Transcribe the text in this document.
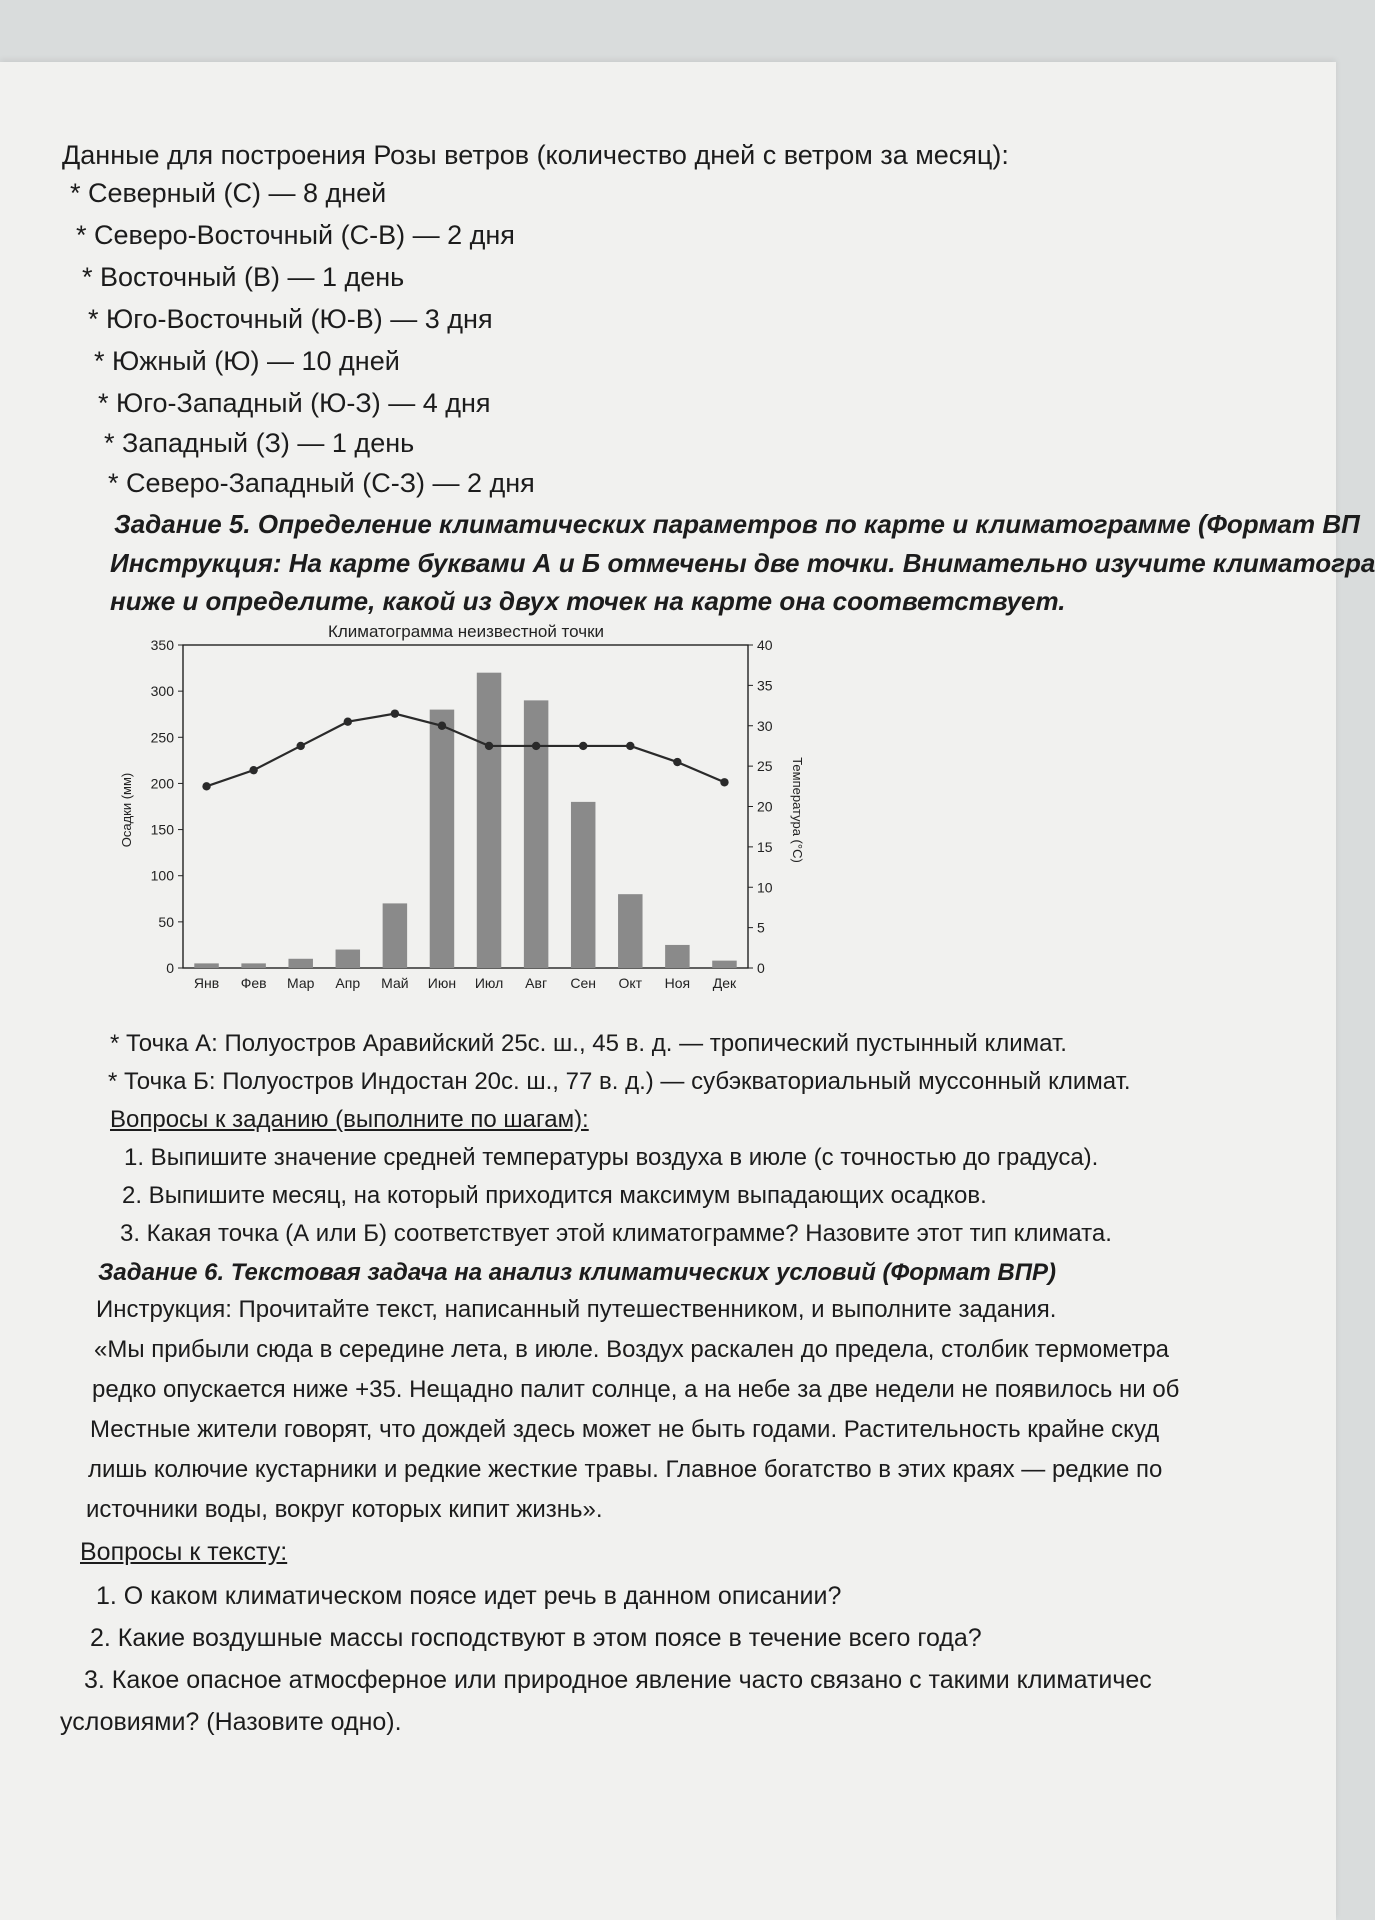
Данные для построения Розы ветров (количество дней с ветром за месяц):
* Северный (С) — 8 дней
* Северо-Восточный (С-В) — 2 дня
* Восточный (В) — 1 день
* Юго-Восточный (Ю-В) — 3 дня
* Южный (Ю) — 10 дней
* Юго-Западный (Ю-З) — 4 дня
* Западный (З) — 1 день
* Северо-Западный (С-З) — 2 дня
Задание 5. Определение климатических параметров по карте и климатограмме (Формат ВП
Инструкция: На карте буквами А и Б отмечены две точки. Внимательно изучите климатогра
ниже и определите, какой из двух точек на карте она соответствует.
Климатограмма неизвестной точки
0
50
100
150
200
250
300
350
0
5
10
15
20
25
30
35
40
Янв Фев Мар Апр Май Июн Июл Авг Сен Окт Ноя Дек
Осадки (мм)	Температура (°C)
* Точка А: Полуостров Аравийский 25с. ш., 45 в. д. — тропический пустынный климат.
* Точка Б: Полуостров Индостан 20с. ш., 77 в. д.) — субэкваториальный муссонный климат.
Вопросы к заданию (выполните по шагам):
1. Выпишите значение средней температуры воздуха в июле (с точностью до градуса).
2. Выпишите месяц, на который приходится максимум выпадающих осадков.
3. Какая точка (А или Б) соответствует этой климатограмме? Назовите этот тип климата.
Задание 6. Текстовая задача на анализ климатических условий (Формат ВПР)
Инструкция: Прочитайте текст, написанный путешественником, и выполните задания.
«Мы прибыли сюда в середине лета, в июле. Воздух раскален до предела, столбик термометра
редко опускается ниже +35. Нещадно палит солнце, а на небе за две недели не появилось ни об
Местные жители говорят, что дождей здесь может не быть годами. Растительность крайне скуд
лишь колючие кустарники и редкие жесткие травы. Главное богатство в этих краях — редкие по
источники воды, вокруг которых кипит жизнь».
Вопросы к тексту:
1. О каком климатическом поясе идет речь в данном описании?
2. Какие воздушные массы господствуют в этом поясе в течение всего года?
3. Какое опасное атмосферное или природное явление часто связано с такими климатичес
условиями? (Назовите одно).
